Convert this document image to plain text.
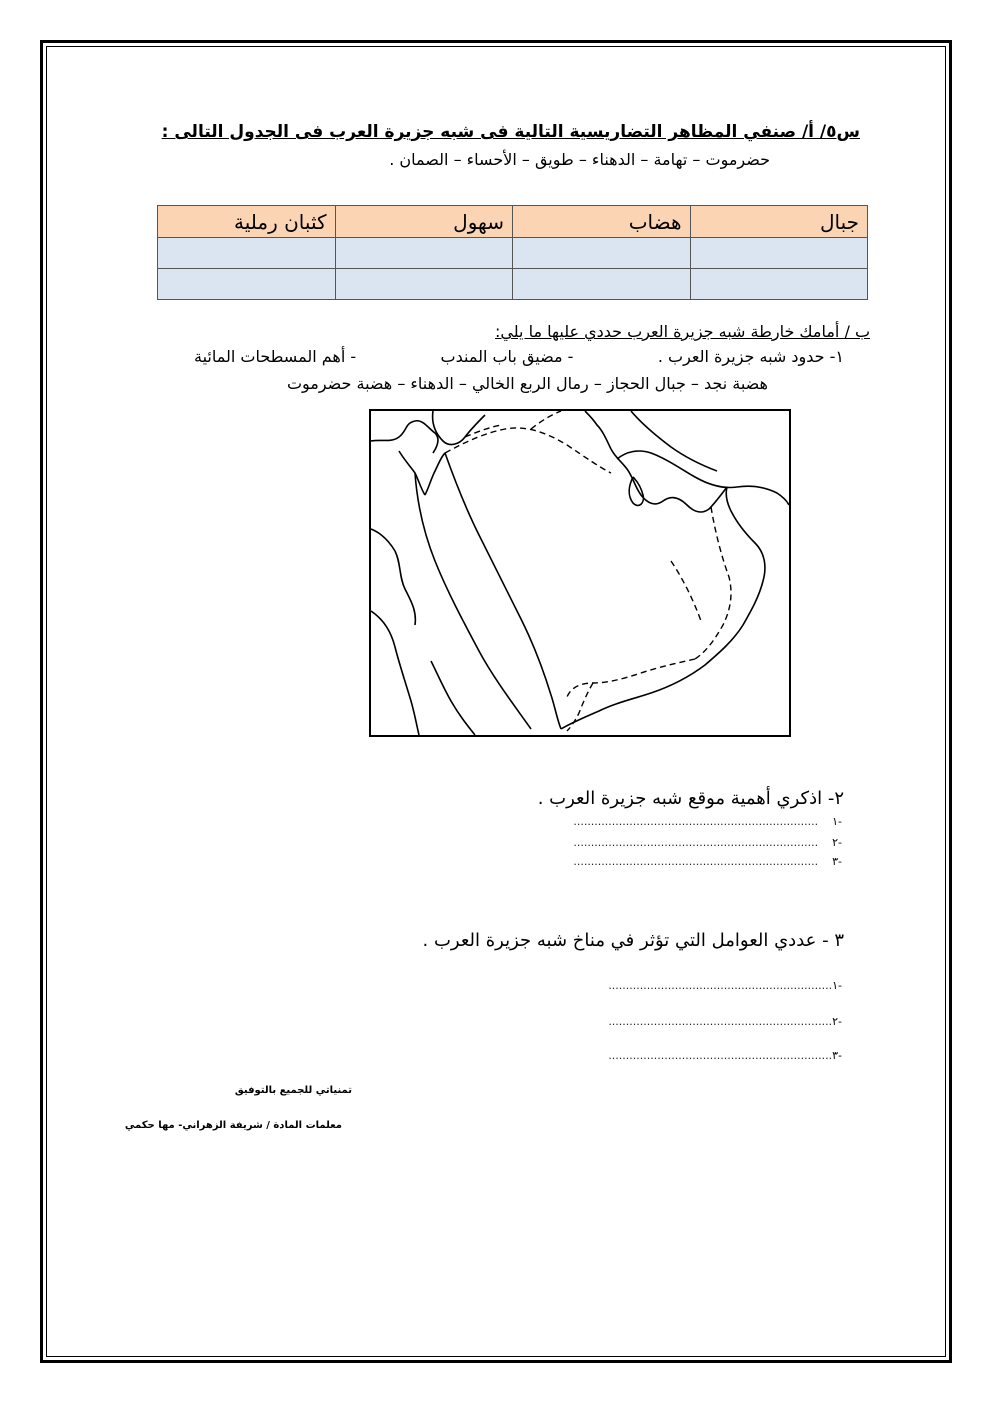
س٥/ أ/ صنفي المظاهر التضاريسية التالية فى شبه جزيرة العرب فى الجدول التالى :
حضرموت – تهامة – الدهناء – طويق – الأحساء – الصمان .
جبال	هضاب	سهول	كثبان رملية

ب / أمامك خارطة شبه جزيرة العرب حددي عليها ما يلي:
١- حدود شبه جزيرة العرب .
- مضيق باب المندب
- أهم المسطحات المائية
هضبة نجد – جبال الحجاز – رمال الربع الخالي – الدهناء – هضبة حضرموت
٢- اذكري أهمية موقع شبه جزيرة العرب .
-١
......................................................................
-٢
......................................................................
-٣
......................................................................
٣ - عددي العوامل التي تؤثر في مناخ شبه جزيرة العرب .
-١
................................................................
-٢
................................................................
-٣
................................................................
تمنياتي للجميع بالتوفيق
معلمات المادة / شريفة الزهراني- مها حكمي
